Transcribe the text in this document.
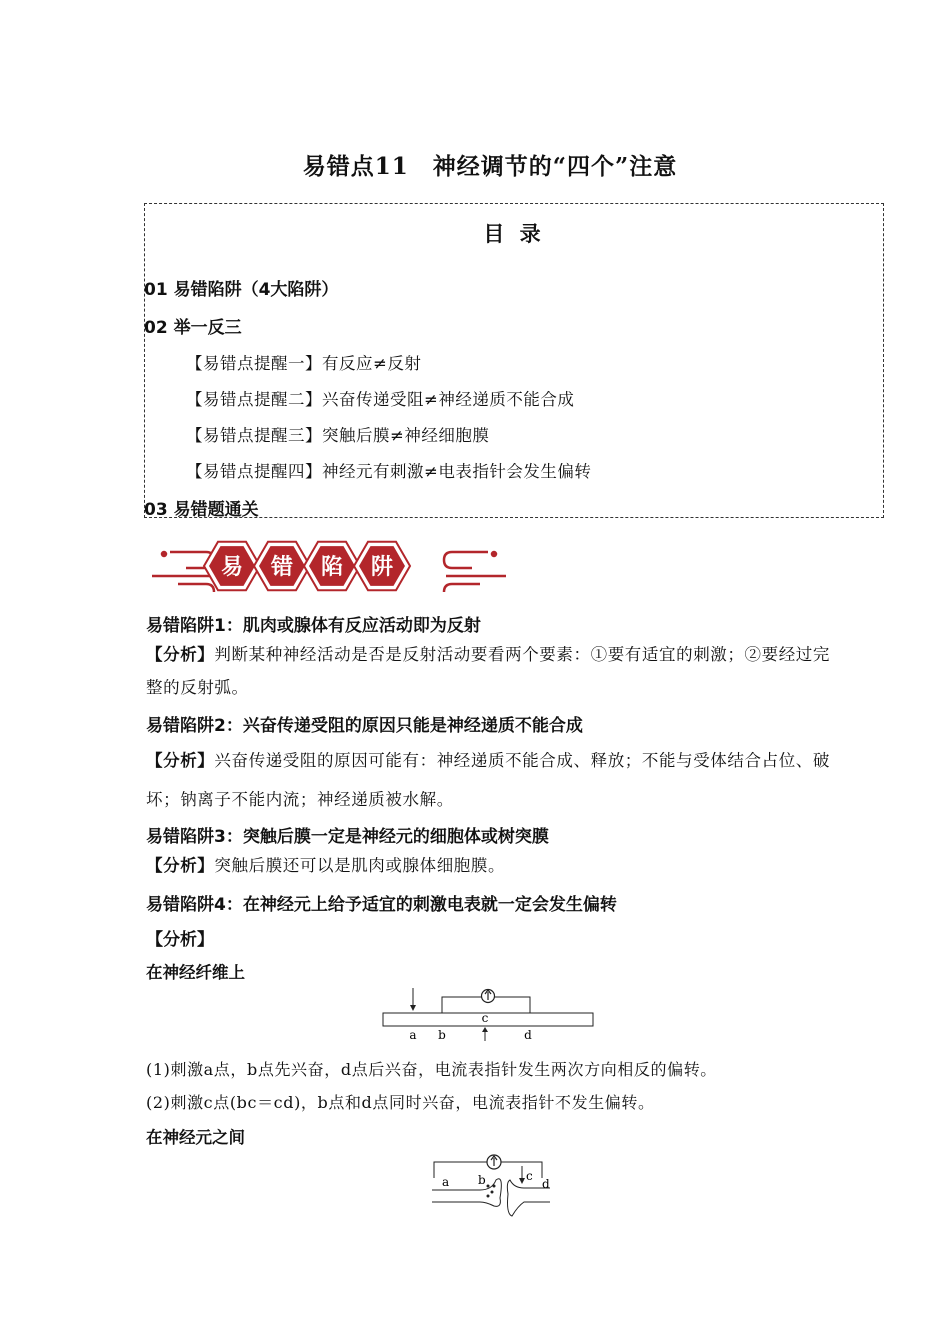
易错点11　神经调节的“四个”注意
目 录
01 易错陷阱（4大陷阱）
02 举一反三
【易错点提醒一】有反应≠反射
【易错点提醒二】兴奋传递受阻≠神经递质不能合成
【易错点提醒三】突触后膜≠神经细胞膜
【易错点提醒四】神经元有刺激≠电表指针会发生偏转
03 易错题通关
易 错 陷 阱
易错陷阱1：肌肉或腺体有反应活动即为反射
【分析】判断某种神经活动是否是反射活动要看两个要素：①要有适宜的刺激；②要经过完整的反射弧。
易错陷阱2：兴奋传递受阻的原因只能是神经递质不能合成
【分析】兴奋传递受阻的原因可能有：神经递质不能合成、释放；不能与受体结合占位、破坏；钠离子不能内流；神经递质被水解。
易错陷阱3：突触后膜一定是神经元的细胞体或树突膜
【分析】突触后膜还可以是肌肉或腺体细胞膜。
易错陷阱4：在神经元上给予适宜的刺激电表就一定会发生偏转
【分析】
在神经纤维上
a b
c
d
(1)刺激a点，b点先兴奋，d点后兴奋，电流表指针发生两次方向相反的偏转。
(2)刺激c点(bc＝cd)，b点和d点同时兴奋，电流表指针不发生偏转。
在神经元之间
a b	c
d
